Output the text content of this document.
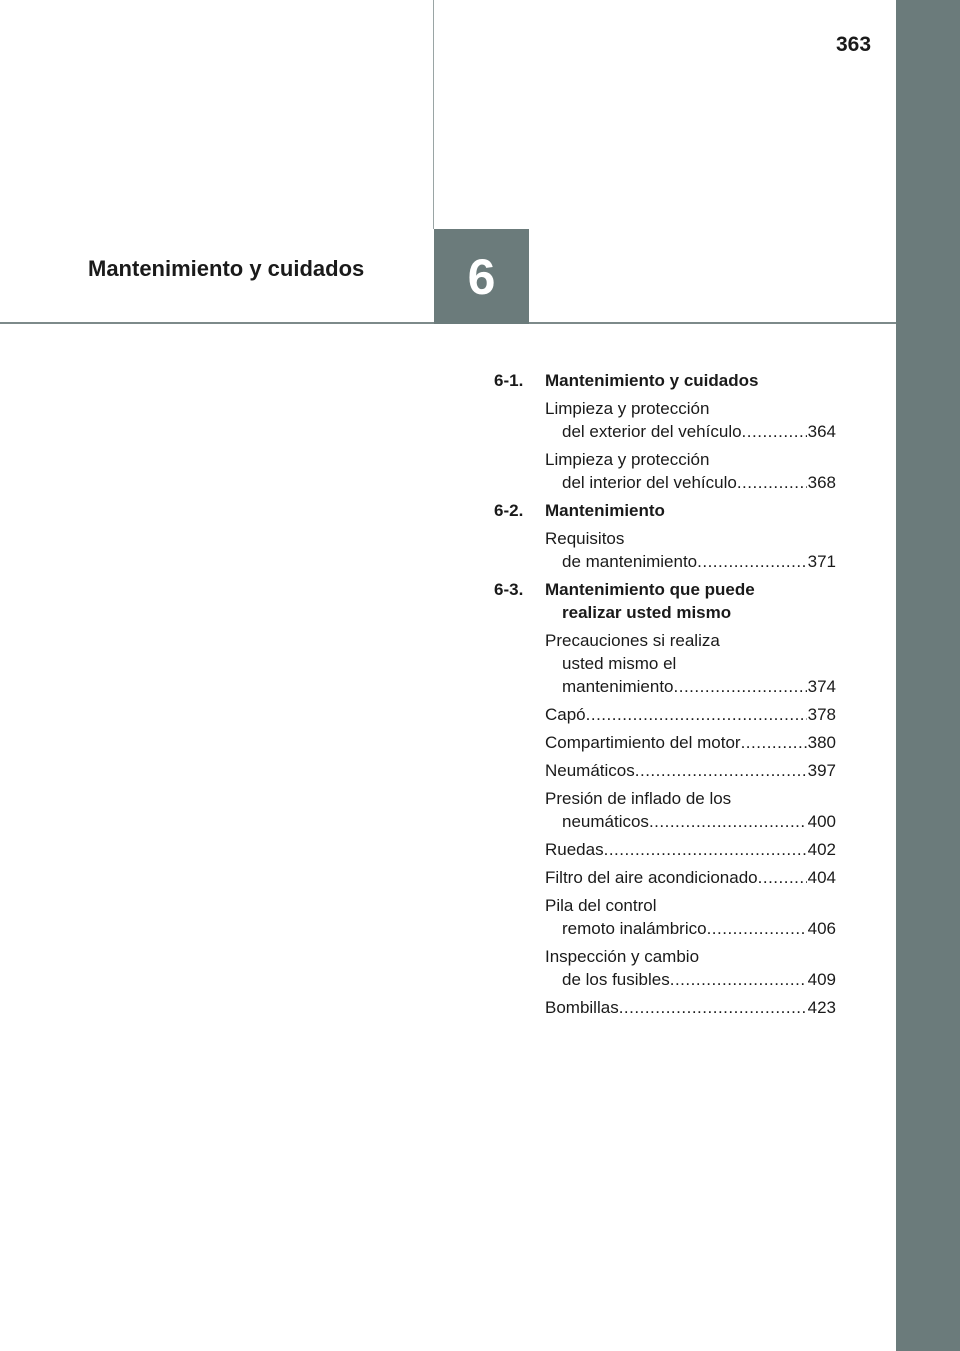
363
Mantenimiento y cuidados	6
6-1. Mantenimiento y cuidados
Limpieza y protección
del exterior del vehículo .....	364
Limpieza y protección
del interior del vehículo .....	368
6-2. Mantenimiento
Requisitos
de mantenimiento .....	371
6-3. Mantenimiento que puede
realizar usted mismo
Precauciones si realiza
usted mismo el
mantenimiento .....	374
Capó .....	378
Compartimiento del motor .....	380
Neumáticos .....	397
Presión de inflado de los
neumáticos .....	400
Ruedas .....	402
Filtro del aire acondicionado .....	404
Pila del control
remoto inalámbrico .....	406
Inspección y cambio
de los fusibles .....	409
Bombillas .....	423
